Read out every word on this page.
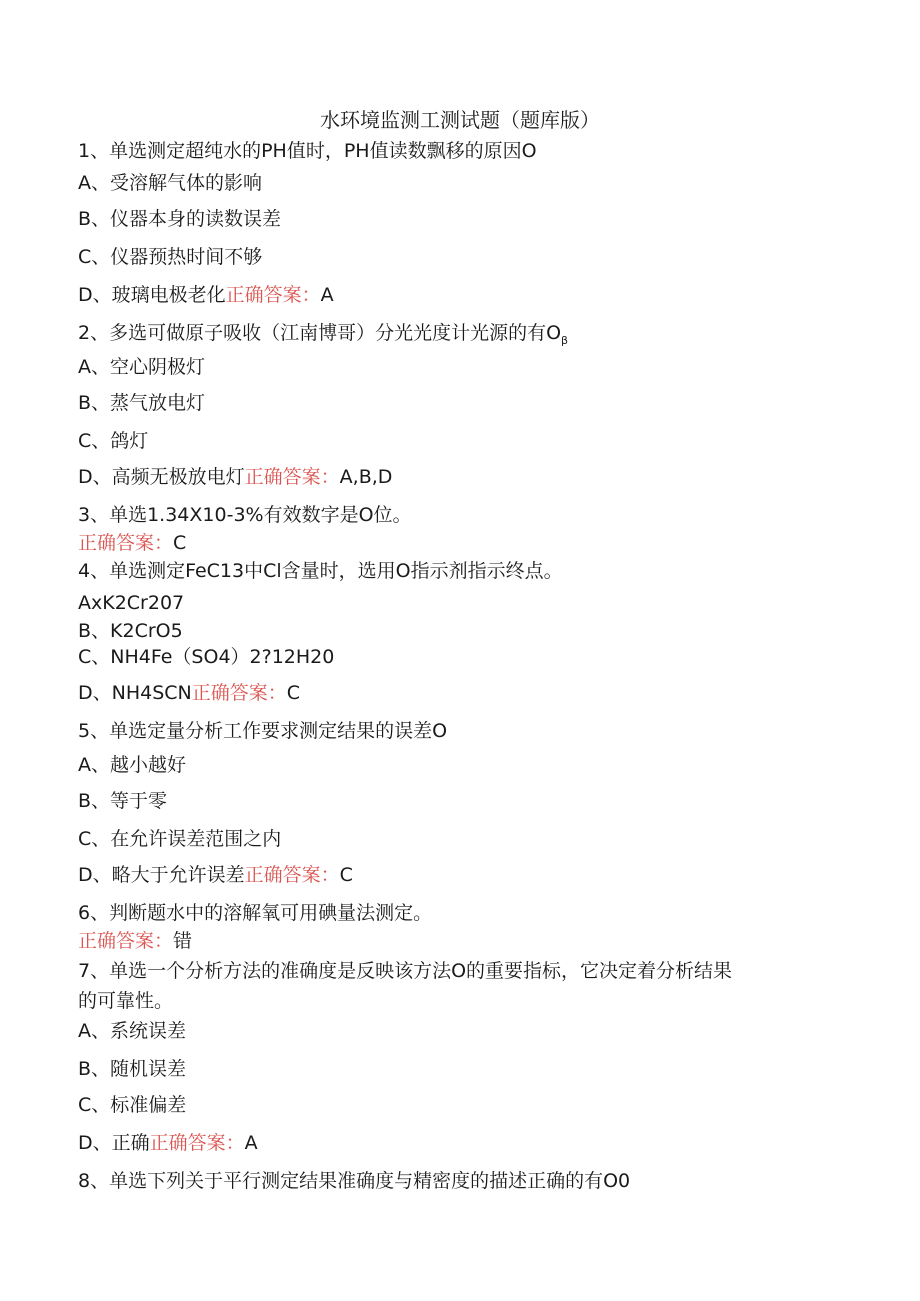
水环境监测工测试题（题库版）
1、单选测定超纯水的PH值时，PH值读数飘移的原因O
A、受溶解气体的影响
B、仪器本身的读数误差
C、仪器预热时间不够
D、玻璃电极老化正确答案：A
2、多选可做原子吸收（江南博哥）分光光度计光源的有$O_\beta$
A、空心阴极灯
B、蒸气放电灯
C、鸽灯
D、高频无极放电灯正确答案：A,B,D
3、单选1.34X10-3%有效数字是O位。
正确答案：C
4、单选测定FeC13中Cl含量时，选用O指示剂指示终点。
AxK2Cr207
B、K2CrO5
C、NH4Fe（SO4）2?12H20
D、NH4SCN正确答案：C
5、单选定量分析工作要求测定结果的误差O
A、越小越好
B、等于零
C、在允许误差范围之内
D、略大于允许误差正确答案：C
6、判断题水中的溶解氧可用碘量法测定。
正确答案：错
7、单选一个分析方法的准确度是反映该方法O的重要指标，它决定着分析结果
的可靠性。
A、系统误差
B、随机误差
C、标准偏差
D、正确正确答案：A
8、单选下列关于平行测定结果准确度与精密度的描述正确的有O0
